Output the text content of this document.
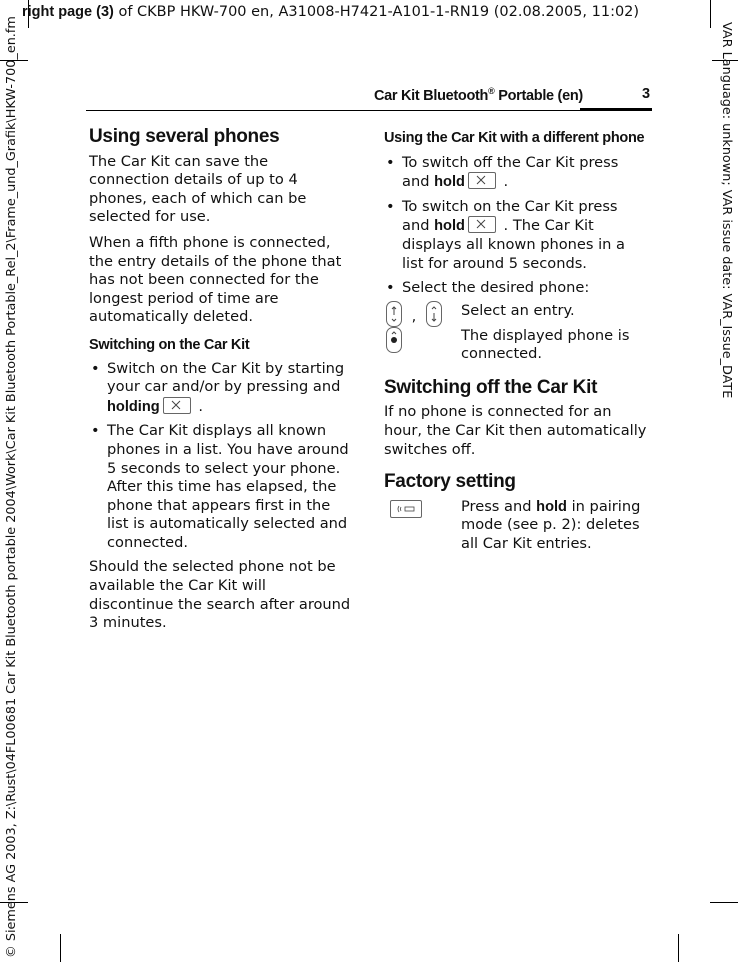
right page (3) of CKBP HKW-700 en, A31008-H7421-A101-1-RN19 (02.08.2005, 11:02)
© Siemens AG 2003, Z:\Rust\04FL00681 Car Kit Bluetooth portable 2004\Work\Car Kit Bluetooth Portable_Rel_2\Frame_und_Grafik\HKW-700_en.fm	VAR Language: unknown; VAR issue date: VAR_Issue_DATE
Car Kit Bluetooth® Portable (en)	3
Using several phones

The Car Kit can save the connection details of up to 4 phones, each of which can be selected for use.

When a fifth phone is connected, the entry details of the phone that has not been connected for the longest period of time are automatically deleted.

Switching on the Car Kit
• Switch on the Car Kit by starting your car and/or by pressing and holding
.
• The Car Kit displays all known phones in a list. You have around 5 seconds to select your phone. After this time has elapsed, the phone that appears first in the list is automatically selected and connected.

Should the selected phone not be available the Car Kit will discontinue the search after around 3 minutes.

Using the Car Kit with a different phone
• To switch off the Car Kit press and hold
.
• To switch on the Car Kit press and hold
. The Car Kit displays all known phones in a list for around 5 seconds.
• Select the desired phone:
,	Select an entry.
The displayed phone is connected.
Switching off the Car Kit

If no phone is connected for an hour, the Car Kit then automatically switches off.

Factory setting
Press and hold in pairing mode (see p. 2): deletes all Car Kit entries.
